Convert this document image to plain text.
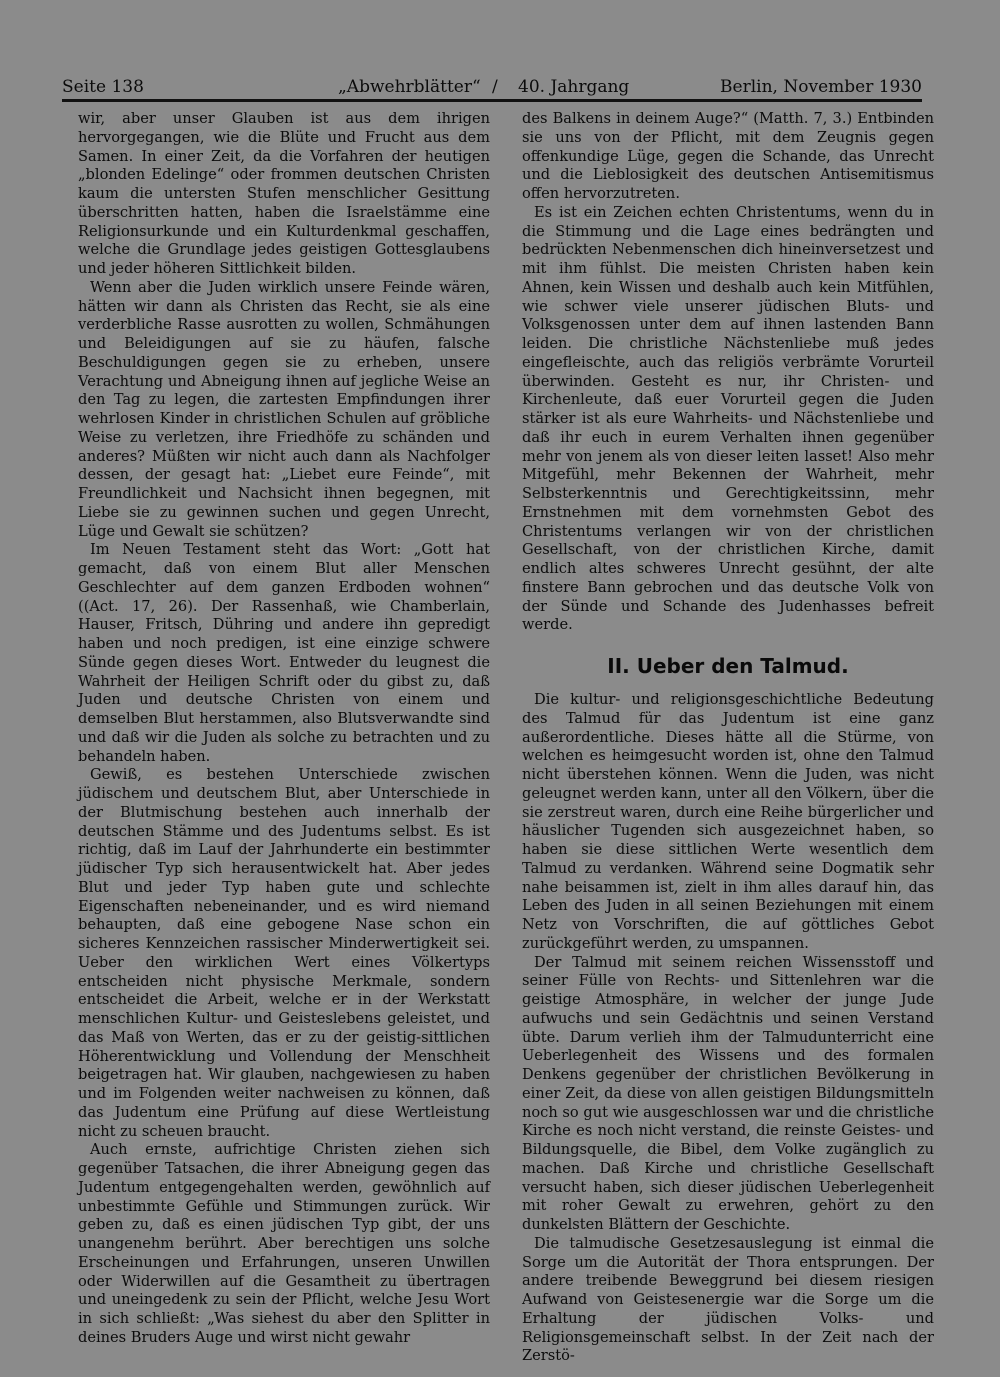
Seite 138	„Abwehrblätter“ / 40. Jahrgang	Berlin, November 1930

wir, aber unser Glauben ist aus dem ihrigen hervorgegangen, wie die Blüte und Frucht aus dem Samen. In einer Zeit, da die Vorfahren der heutigen „blonden Edelinge“ oder frommen deutschen Christen kaum die untersten Stufen menschlicher Gesittung überschritten hatten, haben die Israelstämme eine Religionsurkunde und ein Kulturdenkmal geschaffen, welche die Grundlage jedes geistigen Gottesglaubens und jeder höheren Sittlichkeit bilden.

Wenn aber die Juden wirklich unsere Feinde wären, hätten wir dann als Christen das Recht, sie als eine verderbliche Rasse ausrotten zu wollen, Schmähungen und Beleidigungen auf sie zu häufen, falsche Beschuldigungen gegen sie zu erheben, unsere Verachtung und Abneigung ihnen auf jegliche Weise an den Tag zu legen, die zartesten Empfindungen ihrer wehrlosen Kinder in christlichen Schulen auf gröbliche Weise zu verletzen, ihre Friedhöfe zu schänden und anderes? Müßten wir nicht auch dann als Nachfolger dessen, der gesagt hat: „Liebet eure Feinde“, mit Freundlichkeit und Nachsicht ihnen begegnen, mit Liebe sie zu gewinnen suchen und gegen Unrecht, Lüge und Gewalt sie schützen?

Im Neuen Testament steht das Wort: „Gott hat gemacht, daß von einem Blut aller Menschen Geschlechter auf dem ganzen Erdboden wohnen“ ((Act. 17, 26). Der Rassenhaß, wie Chamberlain, Hauser, Fritsch, Dühring und andere ihn gepredigt haben und noch predigen, ist eine einzige schwere Sünde gegen dieses Wort. Entweder du leugnest die Wahrheit der Heiligen Schrift oder du gibst zu, daß Juden und deutsche Christen von einem und demselben Blut herstammen, also Blutsverwandte sind und daß wir die Juden als solche zu betrachten und zu behandeln haben.

Gewiß, es bestehen Unterschiede zwischen jüdischem und deutschem Blut, aber Unterschiede in der Blutmischung bestehen auch innerhalb der deutschen Stämme und des Judentums selbst. Es ist richtig, daß im Lauf der Jahrhunderte ein bestimmter jüdischer Typ sich herausentwickelt hat. Aber jedes Blut und jeder Typ haben gute und schlechte Eigenschaften nebeneinander, und es wird niemand behaupten, daß eine gebogene Nase schon ein sicheres Kennzeichen rassischer Minderwertigkeit sei. Ueber den wirklichen Wert eines Völkertyps entscheiden nicht physische Merkmale, sondern entscheidet die Arbeit, welche er in der Werkstatt menschlichen Kultur- und Geisteslebens geleistet, und das Maß von Werten, das er zu der geistig-sittlichen Höherentwicklung und Vollendung der Menschheit beigetragen hat. Wir glauben, nachgewiesen zu haben und im Folgenden weiter nachweisen zu können, daß das Judentum eine Prüfung auf diese Wertleistung nicht zu scheuen braucht.

Auch ernste, aufrichtige Christen ziehen sich gegenüber Tatsachen, die ihrer Abneigung gegen das Judentum entgegengehalten werden, gewöhnlich auf unbestimmte Gefühle und Stimmungen zurück. Wir geben zu, daß es einen jüdischen Typ gibt, der uns unangenehm berührt. Aber berechtigen uns solche Erscheinungen und Erfahrungen, unseren Unwillen oder Widerwillen auf die Gesamtheit zu übertragen und uneingedenk zu sein der Pflicht, welche Jesu Wort in sich schließt: „Was siehest du aber den Splitter in deines Bruders Auge und wirst nicht gewahr

des Balkens in deinem Auge?“ (Matth. 7, 3.) Entbinden sie uns von der Pflicht, mit dem Zeugnis gegen offenkundige Lüge, gegen die Schande, das Unrecht und die Lieblosigkeit des deutschen Antisemitismus offen hervorzutreten.

Es ist ein Zeichen echten Christentums, wenn du in die Stimmung und die Lage eines bedrängten und bedrückten Nebenmenschen dich hineinversetzest und mit ihm fühlst. Die meisten Christen haben kein Ahnen, kein Wissen und deshalb auch kein Mitfühlen, wie schwer viele unserer jüdischen Bluts- und Volksgenossen unter dem auf ihnen lastenden Bann leiden. Die christliche Nächstenliebe muß jedes eingefleischte, auch das religiös verbrämte Vorurteil überwinden. Gesteht es nur, ihr Christen- und Kirchenleute, daß euer Vorurteil gegen die Juden stärker ist als eure Wahrheits- und Nächstenliebe und daß ihr euch in eurem Verhalten ihnen gegenüber mehr von jenem als von dieser leiten lasset! Also mehr Mitgefühl, mehr Bekennen der Wahrheit, mehr Selbsterkenntnis und Gerechtigkeitssinn, mehr Ernstnehmen mit dem vornehmsten Gebot des Christentums verlangen wir von der christlichen Gesellschaft, von der christlichen Kirche, damit endlich altes schweres Unrecht gesühnt, der alte finstere Bann gebrochen und das deutsche Volk von der Sünde und Schande des Judenhasses befreit werde.

II. Ueber den Talmud.

Die kultur- und religionsgeschichtliche Bedeutung des Talmud für das Judentum ist eine ganz außerordentliche. Dieses hätte all die Stürme, von welchen es heimgesucht worden ist, ohne den Talmud nicht überstehen können. Wenn die Juden, was nicht geleugnet werden kann, unter all den Völkern, über die sie zerstreut waren, durch eine Reihe bürgerlicher und häuslicher Tugenden sich ausgezeichnet haben, so haben sie diese sittlichen Werte wesentlich dem Talmud zu verdanken. Während seine Dogmatik sehr nahe beisammen ist, zielt in ihm alles darauf hin, das Leben des Juden in all seinen Beziehungen mit einem Netz von Vorschriften, die auf göttliches Gebot zurückgeführt werden, zu umspannen.

Der Talmud mit seinem reichen Wissensstoff und seiner Fülle von Rechts- und Sittenlehren war die geistige Atmosphäre, in welcher der junge Jude aufwuchs und sein Gedächtnis und seinen Verstand übte. Darum verlieh ihm der Talmudunterricht eine Ueberlegenheit des Wissens und des formalen Denkens gegenüber der christlichen Bevölkerung in einer Zeit, da diese von allen geistigen Bildungsmitteln noch so gut wie ausgeschlossen war und die christliche Kirche es noch nicht verstand, die reinste Geistes- und Bildungsquelle, die Bibel, dem Volke zugänglich zu machen. Daß Kirche und christliche Gesellschaft versucht haben, sich dieser jüdischen Ueberlegenheit mit roher Gewalt zu erwehren, gehört zu den dunkelsten Blättern der Geschichte.

Die talmudische Gesetzesauslegung ist einmal die Sorge um die Autorität der Thora entsprungen. Der andere treibende Beweggrund bei diesem riesigen Aufwand von Geistesenergie war die Sorge um die Erhaltung der jüdischen Volks- und Religionsgemeinschaft selbst. In der Zeit nach der Zerstö-
